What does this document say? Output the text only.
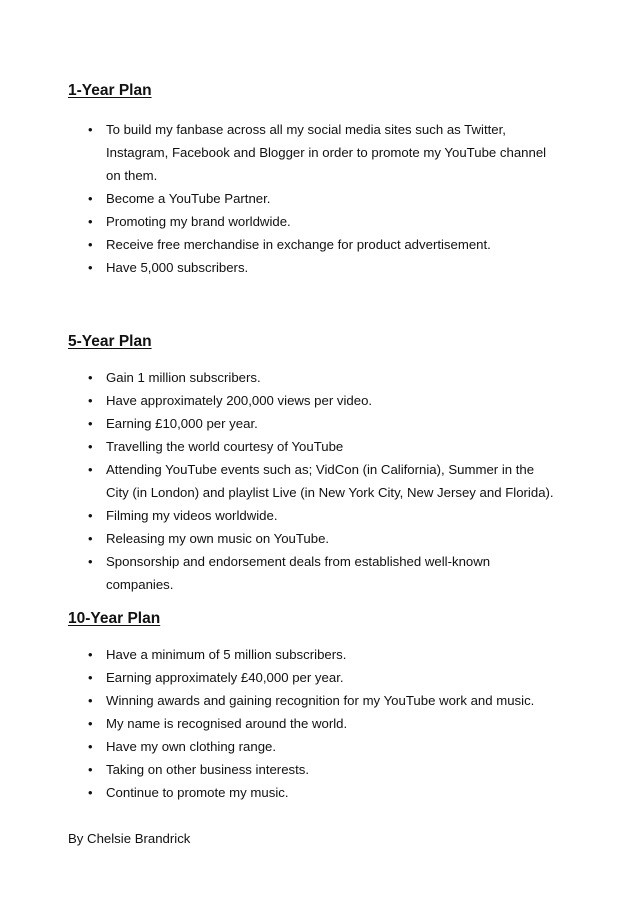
1-Year Plan
• To build my fanbase across all my social media sites such as Twitter, Instagram, Facebook and Blogger in order to promote my YouTube channel on them.
• Become a YouTube Partner.
• Promoting my brand worldwide.
• Receive free merchandise in exchange for product advertisement.
• Have 5,000 subscribers.
5-Year Plan
• Gain 1 million subscribers.
• Have approximately 200,000 views per video.
• Earning £10,000 per year.
• Travelling the world courtesy of YouTube
• Attending YouTube events such as; VidCon (in California), Summer in the City (in London) and playlist Live (in New York City, New Jersey and Florida).
• Filming my videos worldwide.
• Releasing my own music on YouTube.
• Sponsorship and endorsement deals from established well-known companies.
10-Year Plan
• Have a minimum of 5 million subscribers.
• Earning approximately £40,000 per year.
• Winning awards and gaining recognition for my YouTube work and music.
• My name is recognised around the world.
• Have my own clothing range.
• Taking on other business interests.
• Continue to promote my music.
By Chelsie Brandrick
